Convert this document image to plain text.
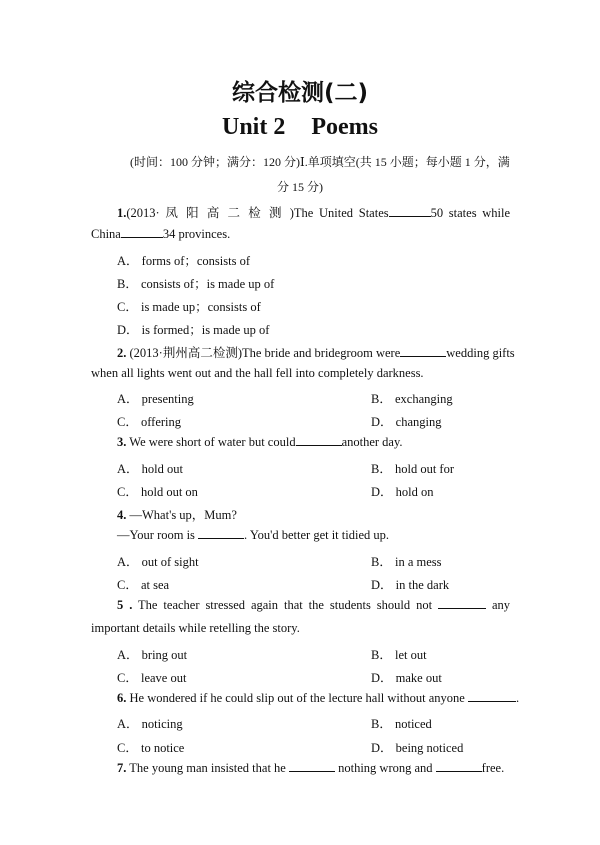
综合检测(二)
Unit 2 Poems
(时间：100 分钟；满分：120 分)Ⅰ.单项填空(共 15 小题；每小题 1 分，满
分 15 分)
1.(2013· 凤 阳 高 二 检 测 )The United States	50 states while
China	34 provinces.
A． forms of；consists of
B． consists of；is made up of
C． is made up；consists of
D． is formed；is made up of
2. (2013·荆州高二检测)The bride and bridegroom were	wedding gifts
when all lights went out and the hall fell into completely darkness.
A． presenting	B． exchanging
C． offering	D． changing
3. We were short of water but could	another day.
A． hold out	B． hold out for
C． hold out on	D． hold on
4. —What's up，Mum?
—Your room is	. You'd better get it tidied up.
A． out of sight	B． in a mess
C． at sea	D． in the dark
5 . The teacher stressed again that the students should not	any
important details while retelling the story.
A． bring out	B． let out
C． leave out	D． make out
6. He wondered if he could slip out of the lecture hall without anyone	.
A． noticing	B． noticed
C． to notice	D． being noticed
7. The young man insisted that he	nothing wrong and	free.
